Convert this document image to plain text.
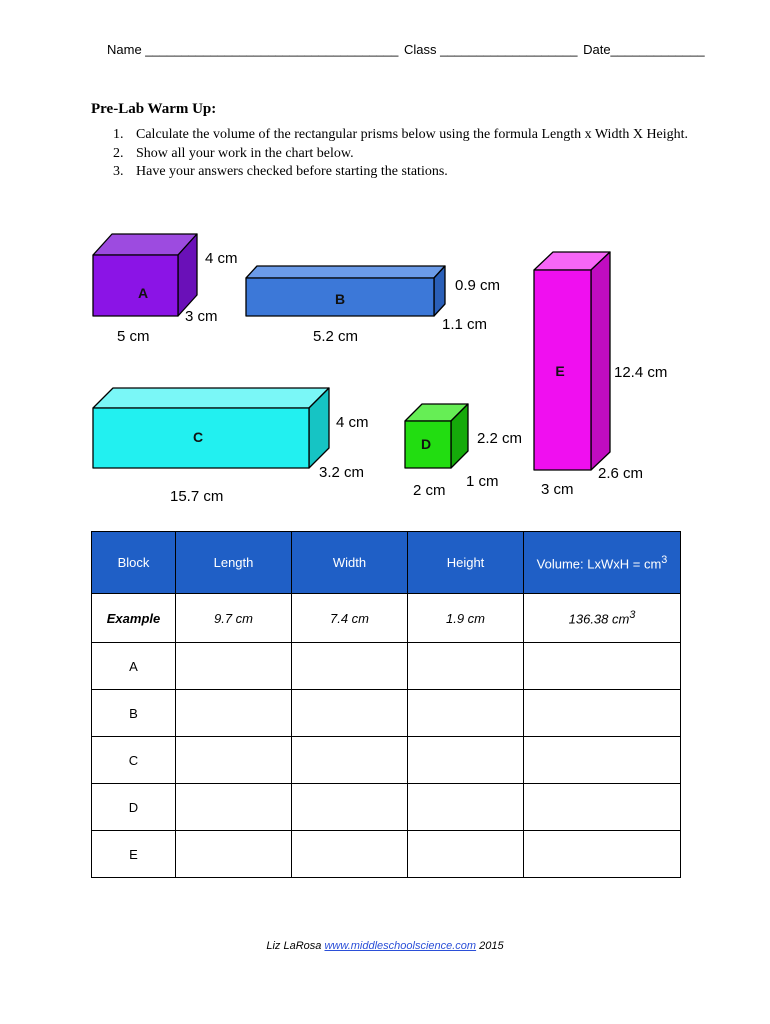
Name ___________________________________ Class ___________________ Date_____________
Pre-Lab Warm Up:
1. Calculate the volume of the rectangular prisms below using the formula Length x Width X Height.
2. Show all your work in the chart below.
3. Have your answers checked before starting the stations.
A
4 cm
3 cm
5 cm
B
0.9 cm
1.1 cm
5.2 cm
E	12.4 cm
2.6 cm
3 cm
C
4 cm
3.2 cm
15.7 cm
D	2.2 cm
1 cm
2 cm
Block	Length	Width	Height	Volume: LxWxH = $cm^3$
Example	9.7 cm	7.4 cm	1.9 cm	136.38 $cm^3$
A				
B				
C				
D				
E				
Liz LaRosa www.middleschoolscience.com 2015
